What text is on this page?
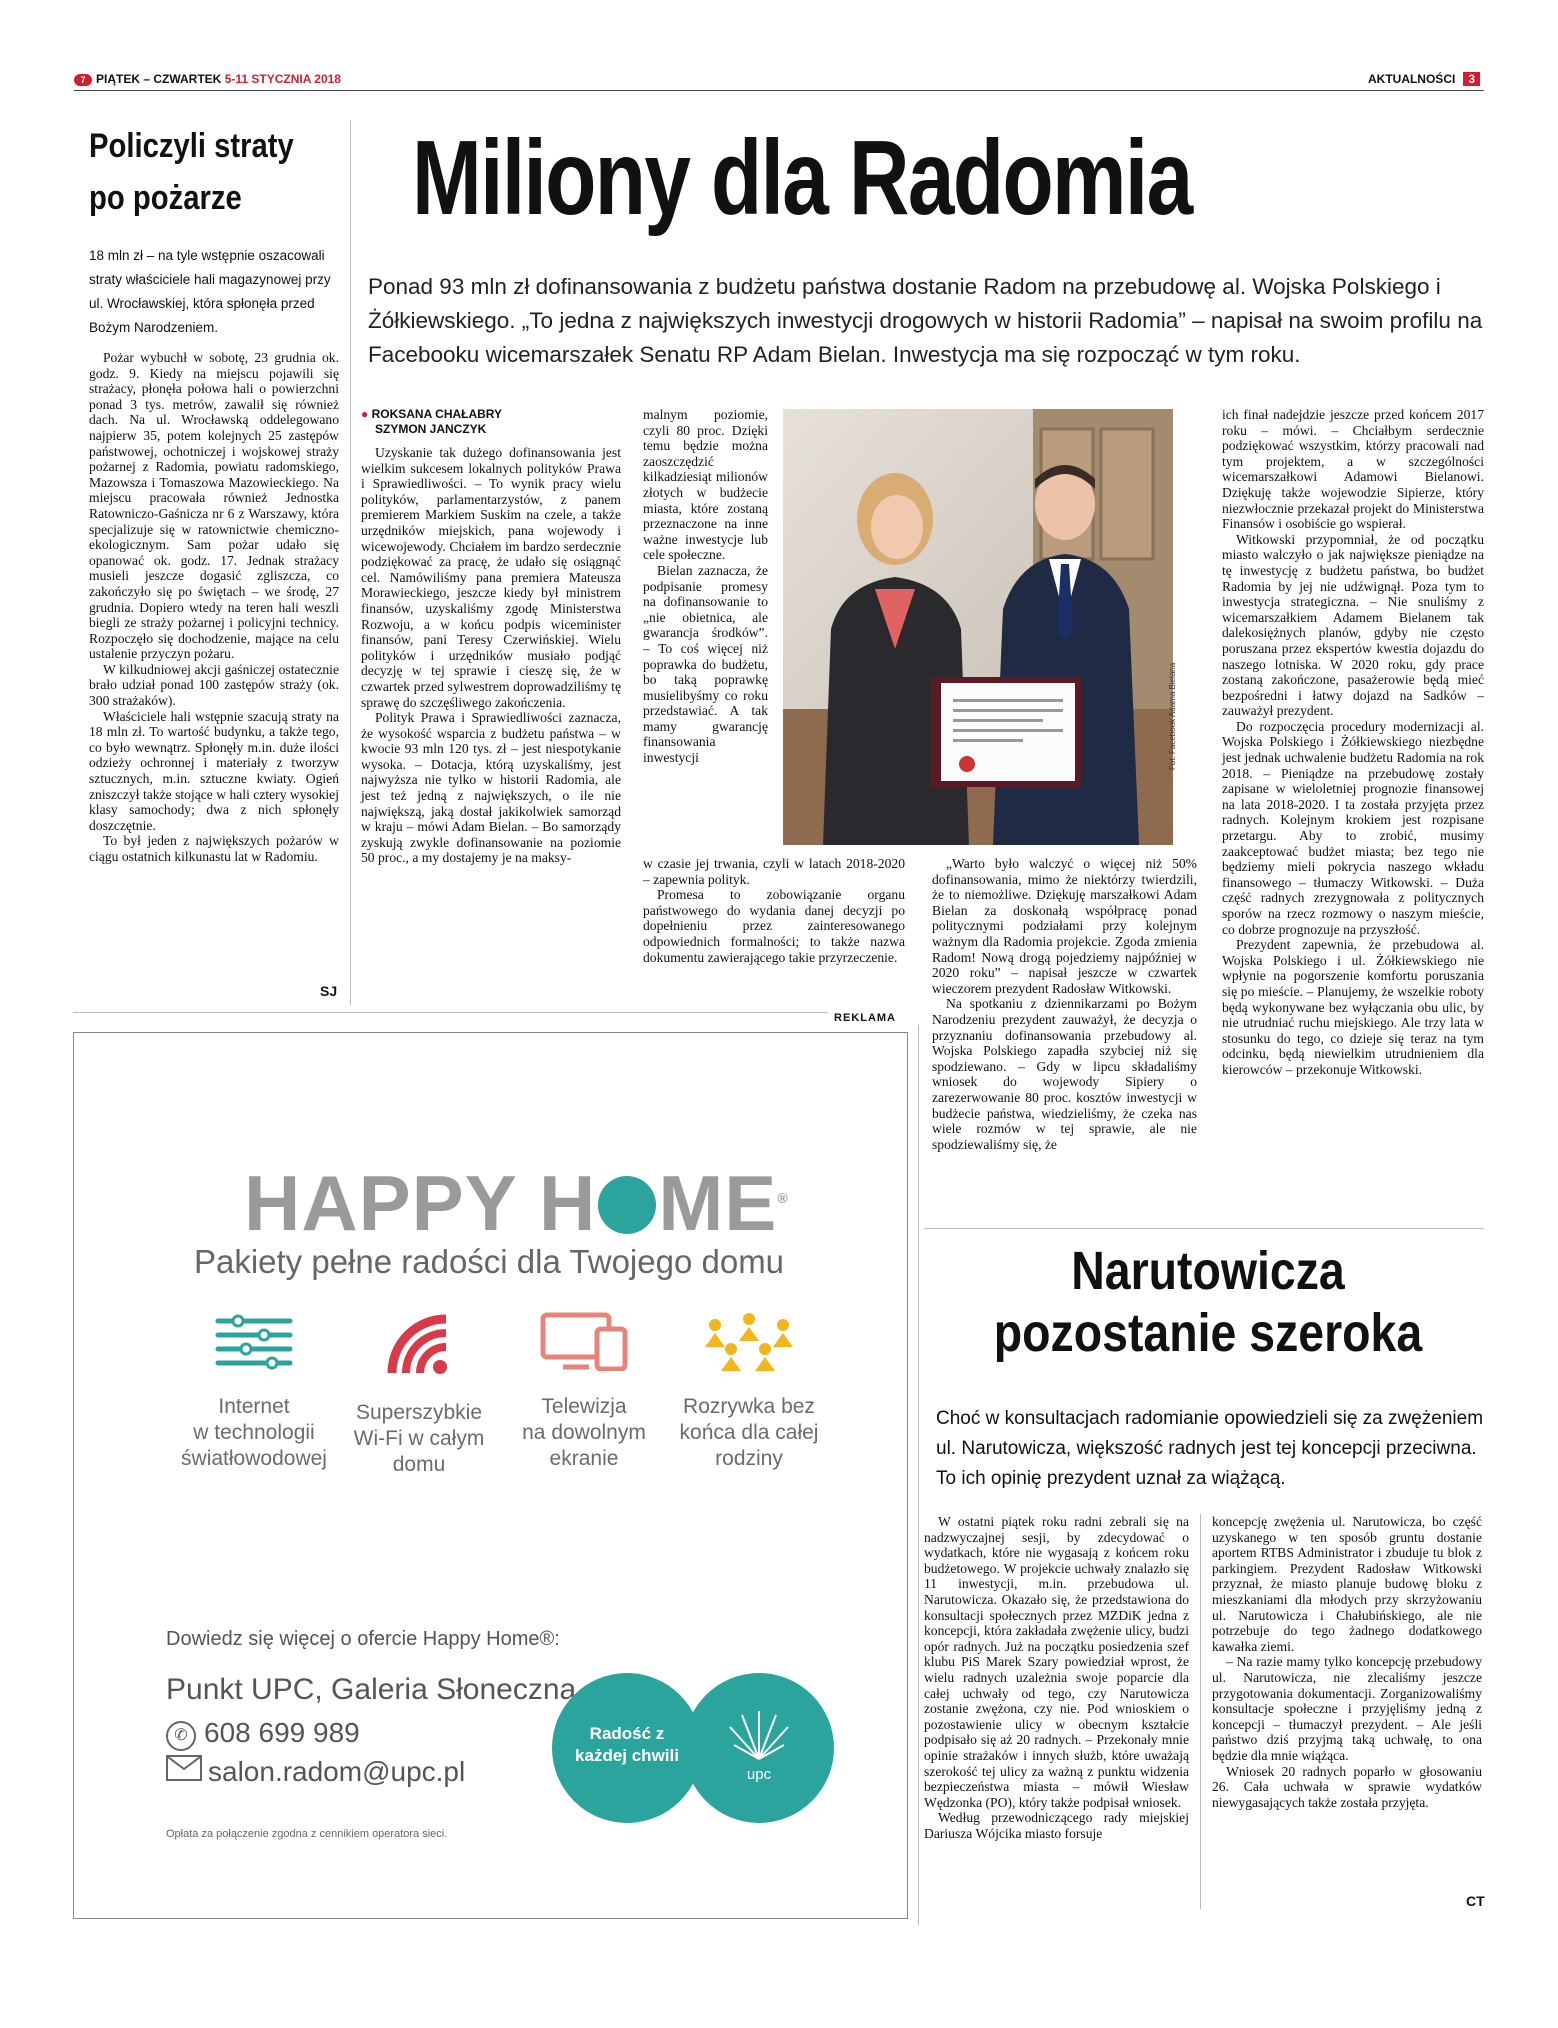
7 PIĄTEK – CZWARTEK 5-11 STYCZNIA 2018	AKTUALNOŚCI 3
Policzyli straty po pożarze
18 mln zł – na tyle wstępnie oszacowali straty właściciele hali magazynowej przy ul. Wrocławskiej, która spłonęła przed Bożym Narodzeniem.

Pożar wybuchł w sobotę, 23 grudnia ok. godz. 9. Kiedy na miejscu pojawili się strażacy, płonęła połowa hali o powierzchni ponad 3 tys. metrów, zawalił się również dach. Na ul. Wrocławską oddelegowano najpierw 35, potem kolejnych 25 zastępów państwowej, ochotniczej i wojskowej straży pożarnej z Radomia, powiatu radomskiego, Mazowsza i Tomaszowa Mazowieckiego. Na miejscu pracowała również Jednostka Ratowniczo-Gaśnicza nr 6 z Warszawy, która specjalizuje się w ratownictwie chemiczno-ekologicznym. Sam pożar udało się opanować ok. godz. 17. Jednak strażacy musieli jeszcze dogasić zgliszcza, co zakończyło się po świętach – we środę, 27 grudnia. Dopiero wtedy na teren hali weszli biegli ze straży pożarnej i policyjni technicy. Rozpoczęło się dochodzenie, mające na celu ustalenie przyczyn pożaru.

W kilkudniowej akcji gaśniczej ostatecznie brało udział ponad 100 zastępów straży (ok. 300 strażaków).

Właściciele hali wstępnie szacują straty na 18 mln zł. To wartość budynku, a także tego, co było wewnątrz. Spłonęły m.in. duże ilości odzieży ochronnej i materiały z tworzyw sztucznych, m.in. sztuczne kwiaty. Ogień zniszczył także stojące w hali cztery wysokiej klasy samochody; dwa z nich spłonęły doszczętnie.

To był jeden z największych pożarów w ciągu ostatnich kilkunastu lat w Radomiu.

SJ
Miliony dla Radomia
Ponad 93 mln zł dofinansowania z budżetu państwa dostanie Radom na przebudowę al. Wojska Polskiego i Żółkiewskiego. „To jedna z największych inwestycji drogowych w historii Radomia” – napisał na swoim profilu na Facebooku wicemarszałek Senatu RP Adam Bielan. Inwestycja ma się rozpocząć w tym roku.
● ROKSANA CHAŁABRY
SZYMON JANCZYK

Uzyskanie tak dużego dofinansowania jest wielkim sukcesem lokalnych polityków Prawa i Sprawiedliwości. – To wynik pracy wielu polityków, parlamentarzystów, z panem premierem Markiem Suskim na czele, a także urzędników miejskich, pana wojewody i wicewojewody. Chciałem im bardzo serdecznie podziękować za pracę, że udało się osiągnąć cel. Namówiliśmy pana premiera Mateusza Morawieckiego, jeszcze kiedy był ministrem finansów, uzyskaliśmy zgodę Ministerstwa Rozwoju, a w końcu podpis wiceminister finansów, pani Teresy Czerwińskiej. Wielu polityków i urzędników musiało podjąć decyzję w tej sprawie i cieszę się, że w czwartek przed sylwestrem doprowadziliśmy tę sprawę do szczęśliwego zakończenia.

Polityk Prawa i Sprawiedliwości zaznacza, że wysokość wsparcia z budżetu państwa – w kwocie 93 mln 120 tys. zł – jest niespotykanie wysoka. – Dotacja, którą uzyskaliśmy, jest najwyższa nie tylko w historii Radomia, ale jest też jedną z największych, o ile nie największą, jaką dostał jakikolwiek samorząd w kraju – mówi Adam Bielan. – Bo samorządy zyskują zwykle dofinansowanie na poziomie 50 proc., a my dostajemy je na maksy-

malnym poziomie, czyli 80 proc. Dzięki temu będzie można zaoszczędzić kilkadziesiąt milionów złotych w budżecie miasta, które zostaną przeznaczone na inne ważne inwestycje lub cele społeczne.

Bielan zaznacza, że podpisanie promesy na dofinansowanie to „nie obietnica, ale gwarancja środków”. – To coś więcej niż poprawka do budżetu, bo taką poprawkę musielibyśmy co roku przedstawiać. A tak mamy gwarancję finansowania inwestycji

w czasie jej trwania, czyli w latach 2018-2020 – zapewnia polityk.

Promesa to zobowiązanie organu państwowego do wydania danej decyzji po dopełnieniu przez zainteresowanego odpowiednich formalności; to także nazwa dokumentu zawierającego takie przyrzeczenie.

Fot. Facebook Adama Bielana

„Warto było walczyć o więcej niż 50% dofinansowania, mimo że niektórzy twierdzili, że to niemożliwe. Dziękuję marszałkowi Adam Bielan za doskonałą współpracę ponad politycznymi podziałami przy kolejnym ważnym dla Radomia projekcie. Zgoda zmienia Radom! Nową drogą pojedziemy najpóźniej w 2020 roku” – napisał jeszcze w czwartek wieczorem prezydent Radosław Witkowski.

Na spotkaniu z dziennikarzami po Bożym Narodzeniu prezydent zauważył, że decyzja o przyznaniu dofinansowania przebudowy al. Wojska Polskiego zapadła szybciej niż się spodziewano. – Gdy w lipcu składaliśmy wniosek do wojewody Sipiery o zarezerwowanie 80 proc. kosztów inwestycji w budżecie państwa, wiedzieliśmy, że czeka nas wiele rozmów w tej sprawie, ale nie spodziewaliśmy się, że

ich finał nadejdzie jeszcze przed końcem 2017 roku – mówi. – Chciałbym serdecznie podziękować wszystkim, którzy pracowali nad tym projektem, a w szczególności wicemarszałkowi Adamowi Bielanowi. Dziękuję także wojewodzie Sipierze, który niezwłocznie przekazał projekt do Ministerstwa Finansów i osobiście go wspierał.

Witkowski przypomniał, że od początku miasto walczyło o jak największe pieniądze na tę inwestycję z budżetu państwa, bo budżet Radomia by jej nie udźwignął. Poza tym to inwestycja strategiczna. – Nie snuliśmy z wicemarszałkiem Adamem Bielanem tak dalekosiężnych planów, gdyby nie często poruszana przez ekspertów kwestia dojazdu do naszego lotniska. W 2020 roku, gdy prace zostaną zakończone, pasażerowie będą mieć bezpośredni i łatwy dojazd na Sadków – zauważył prezydent.

Do rozpoczęcia procedury modernizacji al. Wojska Polskiego i Żółkiewskiego niezbędne jest jednak uchwalenie budżetu Radomia na rok 2018. – Pieniądze na przebudowę zostały zapisane w wieloletniej prognozie finansowej na lata 2018-2020. I ta została przyjęta przez radnych. Kolejnym krokiem jest rozpisane przetargu. Aby to zrobić, musimy zaakceptować budżet miasta; bez tego nie będziemy mieli pokrycia naszego wkładu finansowego – tłumaczy Witkowski. – Duża część radnych zrezygnowała z politycznych sporów na rzecz rozmowy o naszym mieście, co dobrze prognozuje na przyszłość.

Prezydent zapewnia, że przebudowa al. Wojska Polskiego i ul. Żółkiewskiego nie wpłynie na pogorszenie komfortu poruszania się po mieście. – Planujemy, że wszelkie roboty będą wykonywane bez wyłączania obu ulic, by nie utrudniać ruchu miejskiego. Ale trzy lata w stosunku do tego, co dzieje się teraz na tym odcinku, będą niewielkim utrudnieniem dla kierowców – przekonuje Witkowski.

REKLAMA
HAPPY H ME®
Pakiety pełne radości dla Twojego domu
Internet
w technologii
światłowodowej
Superszybkie
Wi-Fi w całym
domu
Telewizja
na dowolnym
ekranie
Rozrywka bez
końca dla całej
rodziny
Dowiedz się więcej o ofercie Happy Home®:
Punkt UPC, Galeria Słoneczna
✆ 608 699 989
salon.radom@upc.pl
Opłata za połączenie zgodna z cennikiem operatora sieci.
Radość z
każdej chwili
upc
Narutowicza
pozostanie szeroka
Choć w konsultacjach radomianie opowiedzieli się za zwężeniem ul. Narutowicza, większość radnych jest tej koncepcji przeciwna. To ich opinię prezydent uznał za wiążącą.

W ostatni piątek roku radni zebrali się na nadzwyczajnej sesji, by zdecydować o wydatkach, które nie wygasają z końcem roku budżetowego. W projekcie uchwały znalazło się 11 inwestycji, m.in. przebudowa ul. Narutowicza. Okazało się, że przedstawiona do konsultacji społecznych przez MZDiK jedna z koncepcji, która zakładała zwężenie ulicy, budzi opór radnych. Już na początku posiedzenia szef klubu PiS Marek Szary powiedział wprost, że wielu radnych uzależnia swoje poparcie dla całej uchwały od tego, czy Narutowicza zostanie zwężona, czy nie. Pod wnioskiem o pozostawienie ulicy w obecnym kształcie podpisało się aż 20 radnych. – Przekonały mnie opinie strażaków i innych służb, które uważają szerokość tej ulicy za ważną z punktu widzenia bezpieczeństwa miasta – mówił Wiesław Wędzonka (PO), który także podpisał wniosek.

Według przewodniczącego rady miejskiej Dariusza Wójcika miasto forsuje

koncepcję zwężenia ul. Narutowicza, bo część uzyskanego w ten sposób gruntu dostanie aportem RTBS Administrator i zbuduje tu blok z parkingiem. Prezydent Radosław Witkowski przyznał, że miasto planuje budowę bloku z mieszkaniami dla młodych przy skrzyżowaniu ul. Narutowicza i Chałubińskiego, ale nie potrzebuje do tego żadnego dodatkowego kawałka ziemi.

– Na razie mamy tylko koncepcję przebudowy ul. Narutowicza, nie zlecaliśmy jeszcze przygotowania dokumentacji. Zorganizowaliśmy konsultacje społeczne i przyjęliśmy jedną z koncepcji – tłumaczył prezydent. – Ale jeśli państwo dziś przyjmą taką uchwałę, to ona będzie dla mnie wiążąca.

Wniosek 20 radnych poparło w głosowaniu 26. Cała uchwała w sprawie wydatków niewygasających także została przyjęta.

CT
